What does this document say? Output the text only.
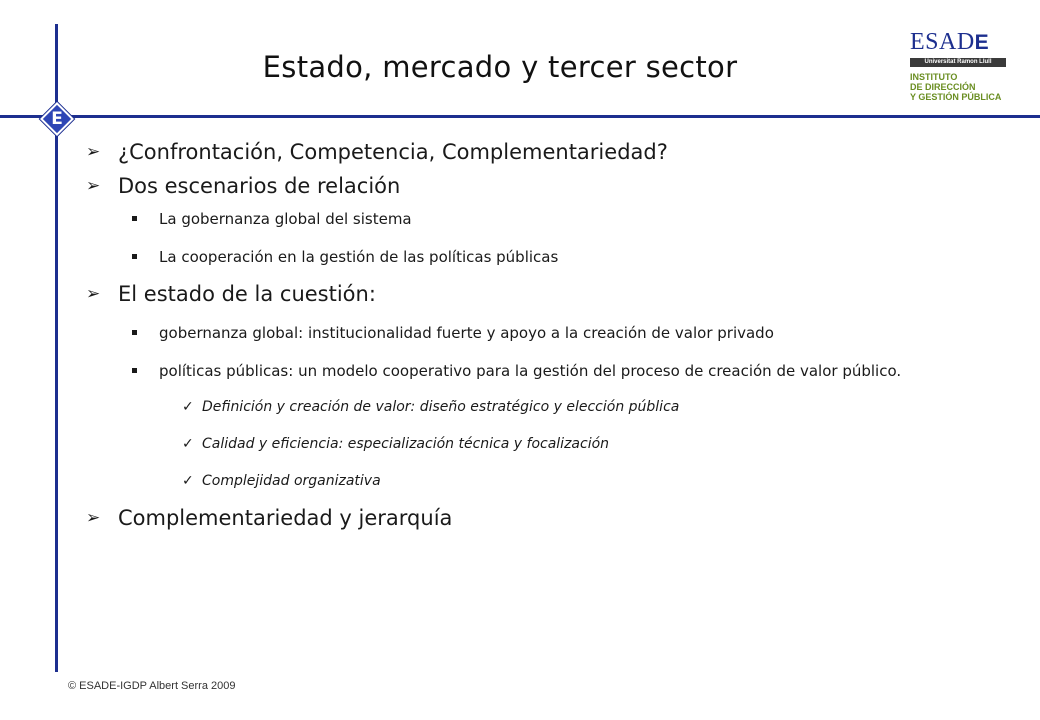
E
Estado, mercado y tercer sector
ESADE
Universitat Ramon Llull
INSTITUTO
DE DIRECCIÓN
Y GESTIÓN PÚBLICA
➢ ¿Confrontación, Competencia, Complementariedad?
➢ Dos escenarios de relación
La gobernanza global del sistema
La cooperación en la gestión de las políticas públicas
➢ El estado de la cuestión:
gobernanza global: institucionalidad fuerte y apoyo a la creación de valor privado
políticas públicas: un modelo cooperativo para la gestión del proceso de creación de valor público.
✓ Definición y creación de valor: diseño estratégico y elección pública
✓ Calidad y eficiencia: especialización técnica y focalización
✓ Complejidad organizativa
➢ Complementariedad y jerarquía
© ESADE-IGDP Albert Serra 2009
